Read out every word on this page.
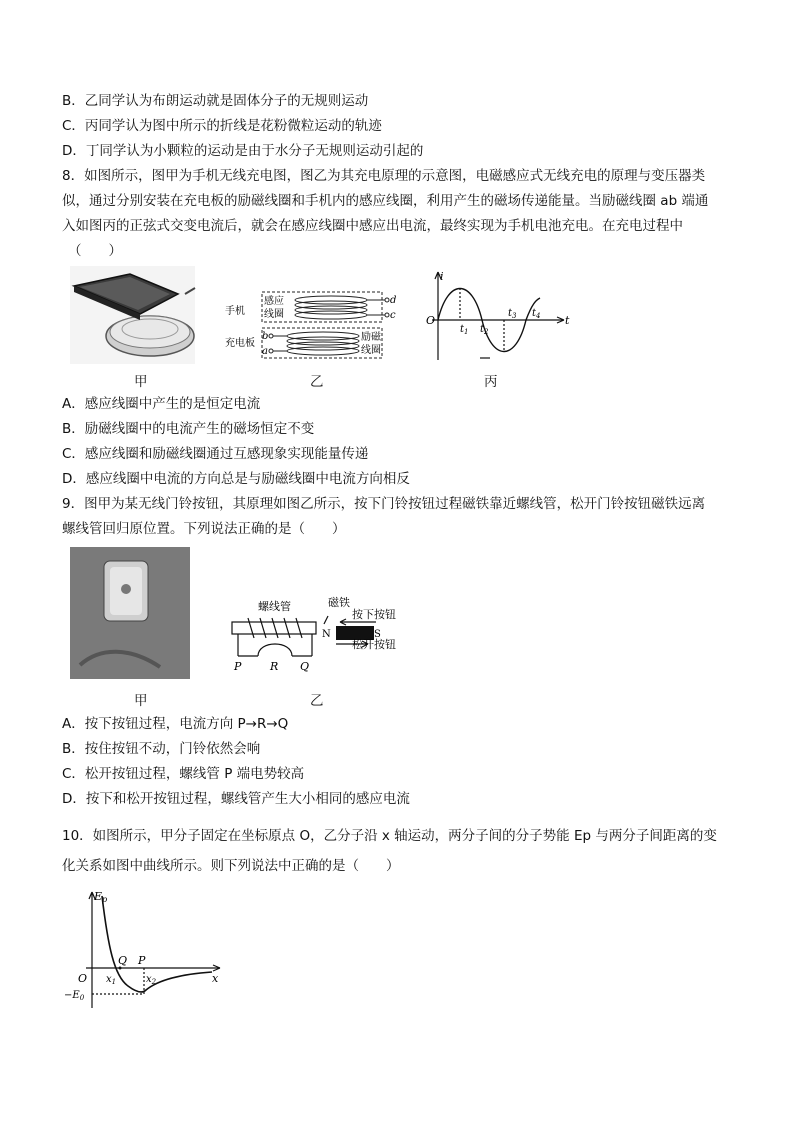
B．乙同学认为布朗运动就是固体分子的无规则运动
C．丙同学认为图中所示的折线是花粉微粒运动的轨迹
D．丁同学认为小颗粒的运动是由于水分子无规则运动引起的
8．如图所示，图甲为手机无线充电图，图乙为其充电原理的示意图，电磁感应式无线充电的原理与变压器类
似，通过分别安装在充电板的励磁线圈和手机内的感应线圈，利用产生的磁场传递能量。当励磁线圈 ab 端通
入如图丙的正弦式交变电流后，就会在感应线圈中感应出电流，最终实现为手机电池充电。在充电过程中
（　　）
甲
感应
线圈
手机
充电板
d
c
b
a
励磁
线圈
乙
i
O	t
$t_1$ $t_2$
$t_3$ $t_4$
丙
A．感应线圈中产生的是恒定电流
B．励磁线圈中的电流产生的磁场恒定不变
C．感应线圈和励磁线圈通过互感现象实现能量传递
D．感应线圈中电流的方向总是与励磁线圈中电流方向相反
9．图甲为某无线门铃按钮，其原理如图乙所示，按下门铃按钮过程磁铁靠近螺线管，松开门铃按钮磁铁远离
螺线管回归原位置。下列说法正确的是（　　）
甲
螺线管	磁铁
按下按钮
松开按钮
N	S
P	R Q
乙
A．按下按钮过程，电流方向 P→R→Q
B．按住按钮不动，门铃依然会响
C．松开按钮过程，螺线管 P 端电势较高
D．按下和松开按钮过程，螺线管产生大小相同的感应电流
10．如图所示，甲分子固定在坐标原点 O，乙分子沿 x 轴运动，两分子间的分子势能 Ep 与两分子间距离的变
化关系如图中曲线所示。则下列说法中正确的是（　　）
Ep
O
Q P
x
$x_1$	$x_2$
$-E_0$
